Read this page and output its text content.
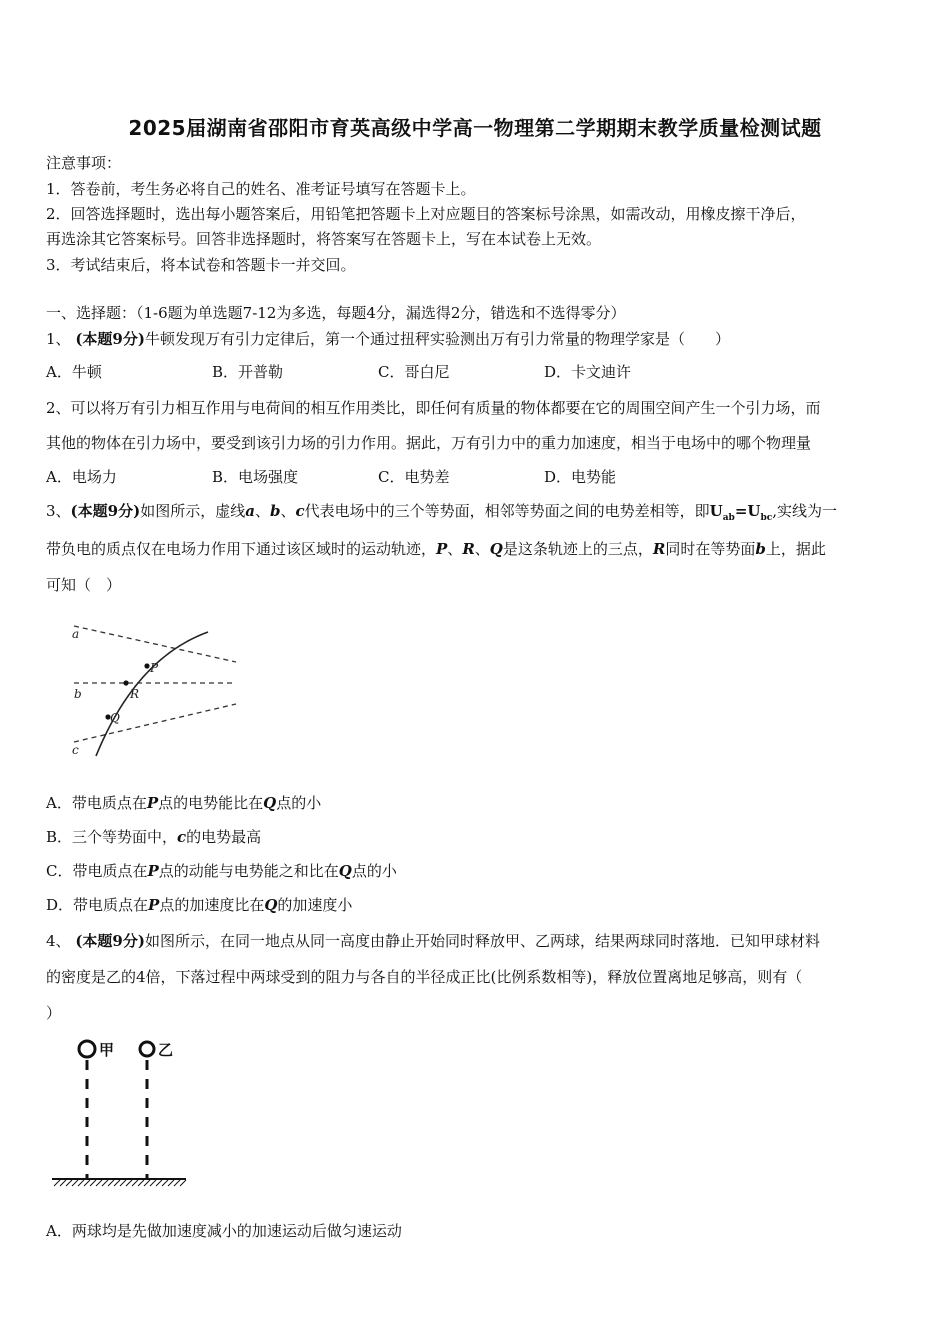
2025届湖南省邵阳市育英高级中学高一物理第二学期期末教学质量检测试题
注意事项：
1．答卷前，考生务必将自己的姓名、准考证号填写在答题卡上。
2．回答选择题时，选出每小题答案后，用铅笔把答题卡上对应题目的答案标号涂黑，如需改动，用橡皮擦干净后，
再选涂其它答案标号。回答非选择题时，将答案写在答题卡上，写在本试卷上无效。
3．考试结束后，将本试卷和答题卡一并交回。
一、选择题：（1-6题为单选题7-12为多选，每题4分，漏选得2分，错选和不选得零分）
1、 (本题9分)牛顿发现万有引力定律后，第一个通过扭秤实验测出万有引力常量的物理学家是（　　）
A．牛顿	B．开普勒	C．哥白尼	D．卡文迪许
2、可以将万有引力相互作用与电荷间的相互作用类比，即任何有质量的物体都要在它的周围空间产生一个引力场，而
其他的物体在引力场中，要受到该引力场的引力作用。据此，万有引力中的重力加速度，相当于电场中的哪个物理量
A．电场力	B．电场强度	C．电势差	D．电势能
3、(本题9分)如图所示，虚线a、b、c代表电场中的三个等势面，相邻等势面之间的电势差相等，即$U_{ab}=U_{bc}$,实线为一
带负电的质点仅在电场力作用下通过该区域时的运动轨迹，P、R、Q是这条轨迹上的三点，R同时在等势面b上，据此
可知（　）
a
b
c
P
R
Q
A．带电质点在P点的电势能比在Q点的小
B．三个等势面中，c的电势最高
C．带电质点在P点的动能与电势能之和比在Q点的小
D．带电质点在P点的加速度比在Q的加速度小
4、 (本题9分)如图所示，在同一地点从同一高度由静止开始同时释放甲、乙两球，结果两球同时落地．已知甲球材料
的密度是乙的4倍，下落过程中两球受到的阻力与各自的半径成正比(比例系数相等)，释放位置离地足够高，则有（
）
甲	乙
A．两球均是先做加速度减小的加速运动后做匀速运动
